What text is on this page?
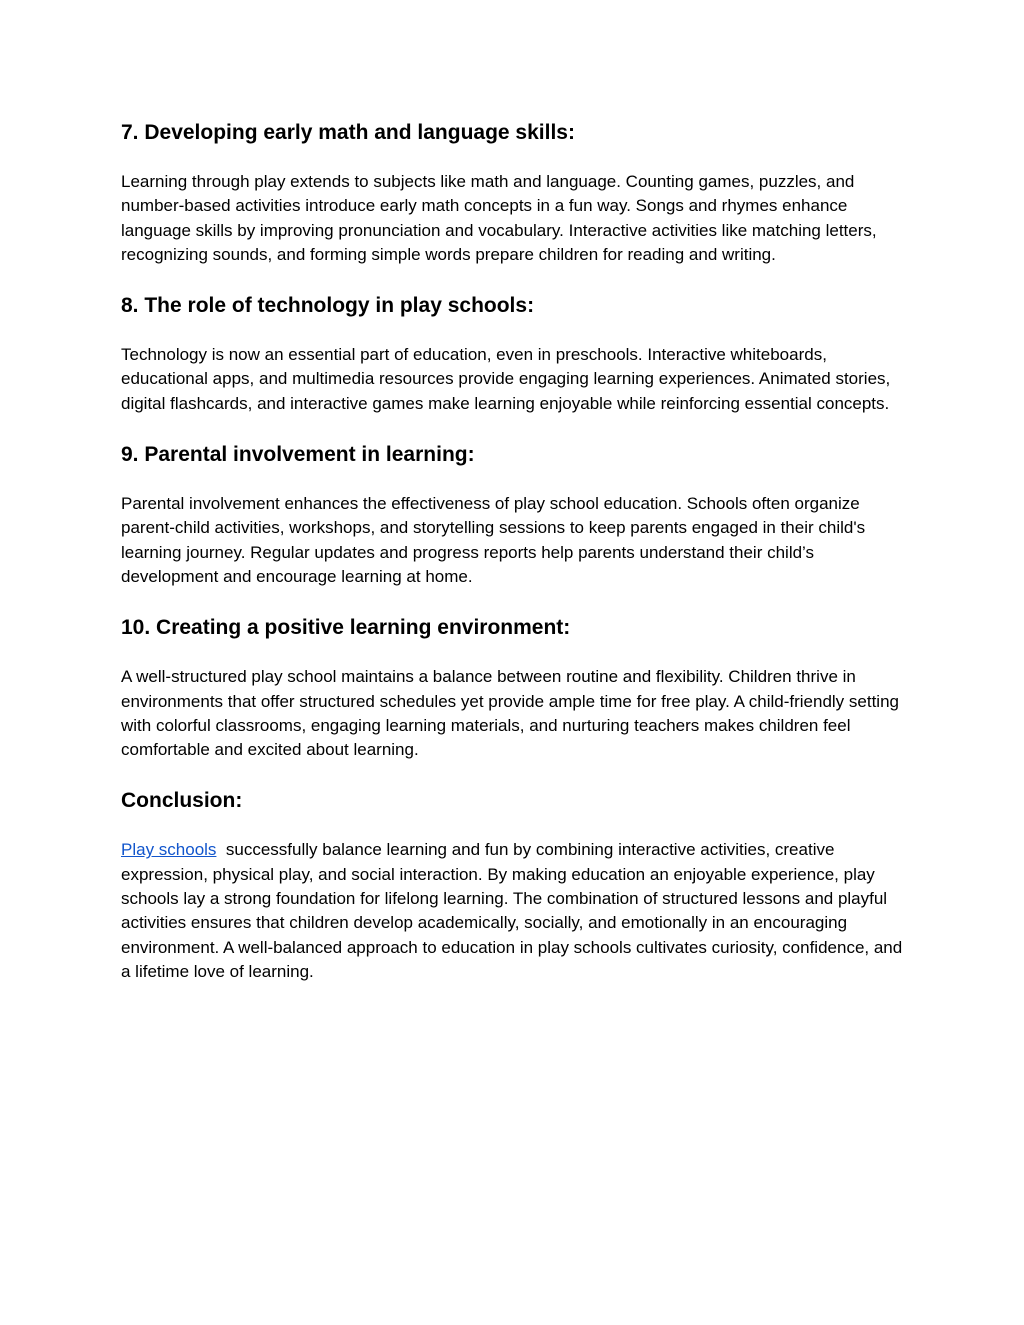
7. Developing early math and language skills:

Learning through play extends to subjects like math and language. Counting games, puzzles, and number-based activities introduce early math concepts in a fun way. Songs and rhymes enhance language skills by improving pronunciation and vocabulary. Interactive activities like matching letters, recognizing sounds, and forming simple words prepare children for reading and writing.

8. The role of technology in play schools:

Technology is now an essential part of education, even in preschools. Interactive whiteboards, educational apps, and multimedia resources provide engaging learning experiences. Animated stories, digital flashcards, and interactive games make learning enjoyable while reinforcing essential concepts.

9. Parental involvement in learning:

Parental involvement enhances the effectiveness of play school education. Schools often organize parent-child activities, workshops, and storytelling sessions to keep parents engaged in their child's learning journey. Regular updates and progress reports help parents understand their child’s development and encourage learning at home.

10. Creating a positive learning environment:

A well-structured play school maintains a balance between routine and flexibility. Children thrive in environments that offer structured schedules yet provide ample time for free play. A child-friendly setting with colorful classrooms, engaging learning materials, and nurturing teachers makes children feel comfortable and excited about learning.

Conclusion:

Play schools  successfully balance learning and fun by combining interactive activities, creative expression, physical play, and social interaction. By making education an enjoyable experience, play schools lay a strong foundation for lifelong learning. The combination of structured lessons and playful activities ensures that children develop academically, socially, and emotionally in an encouraging environment. A well-balanced approach to education in play schools cultivates curiosity, confidence, and a lifetime love of learning.
